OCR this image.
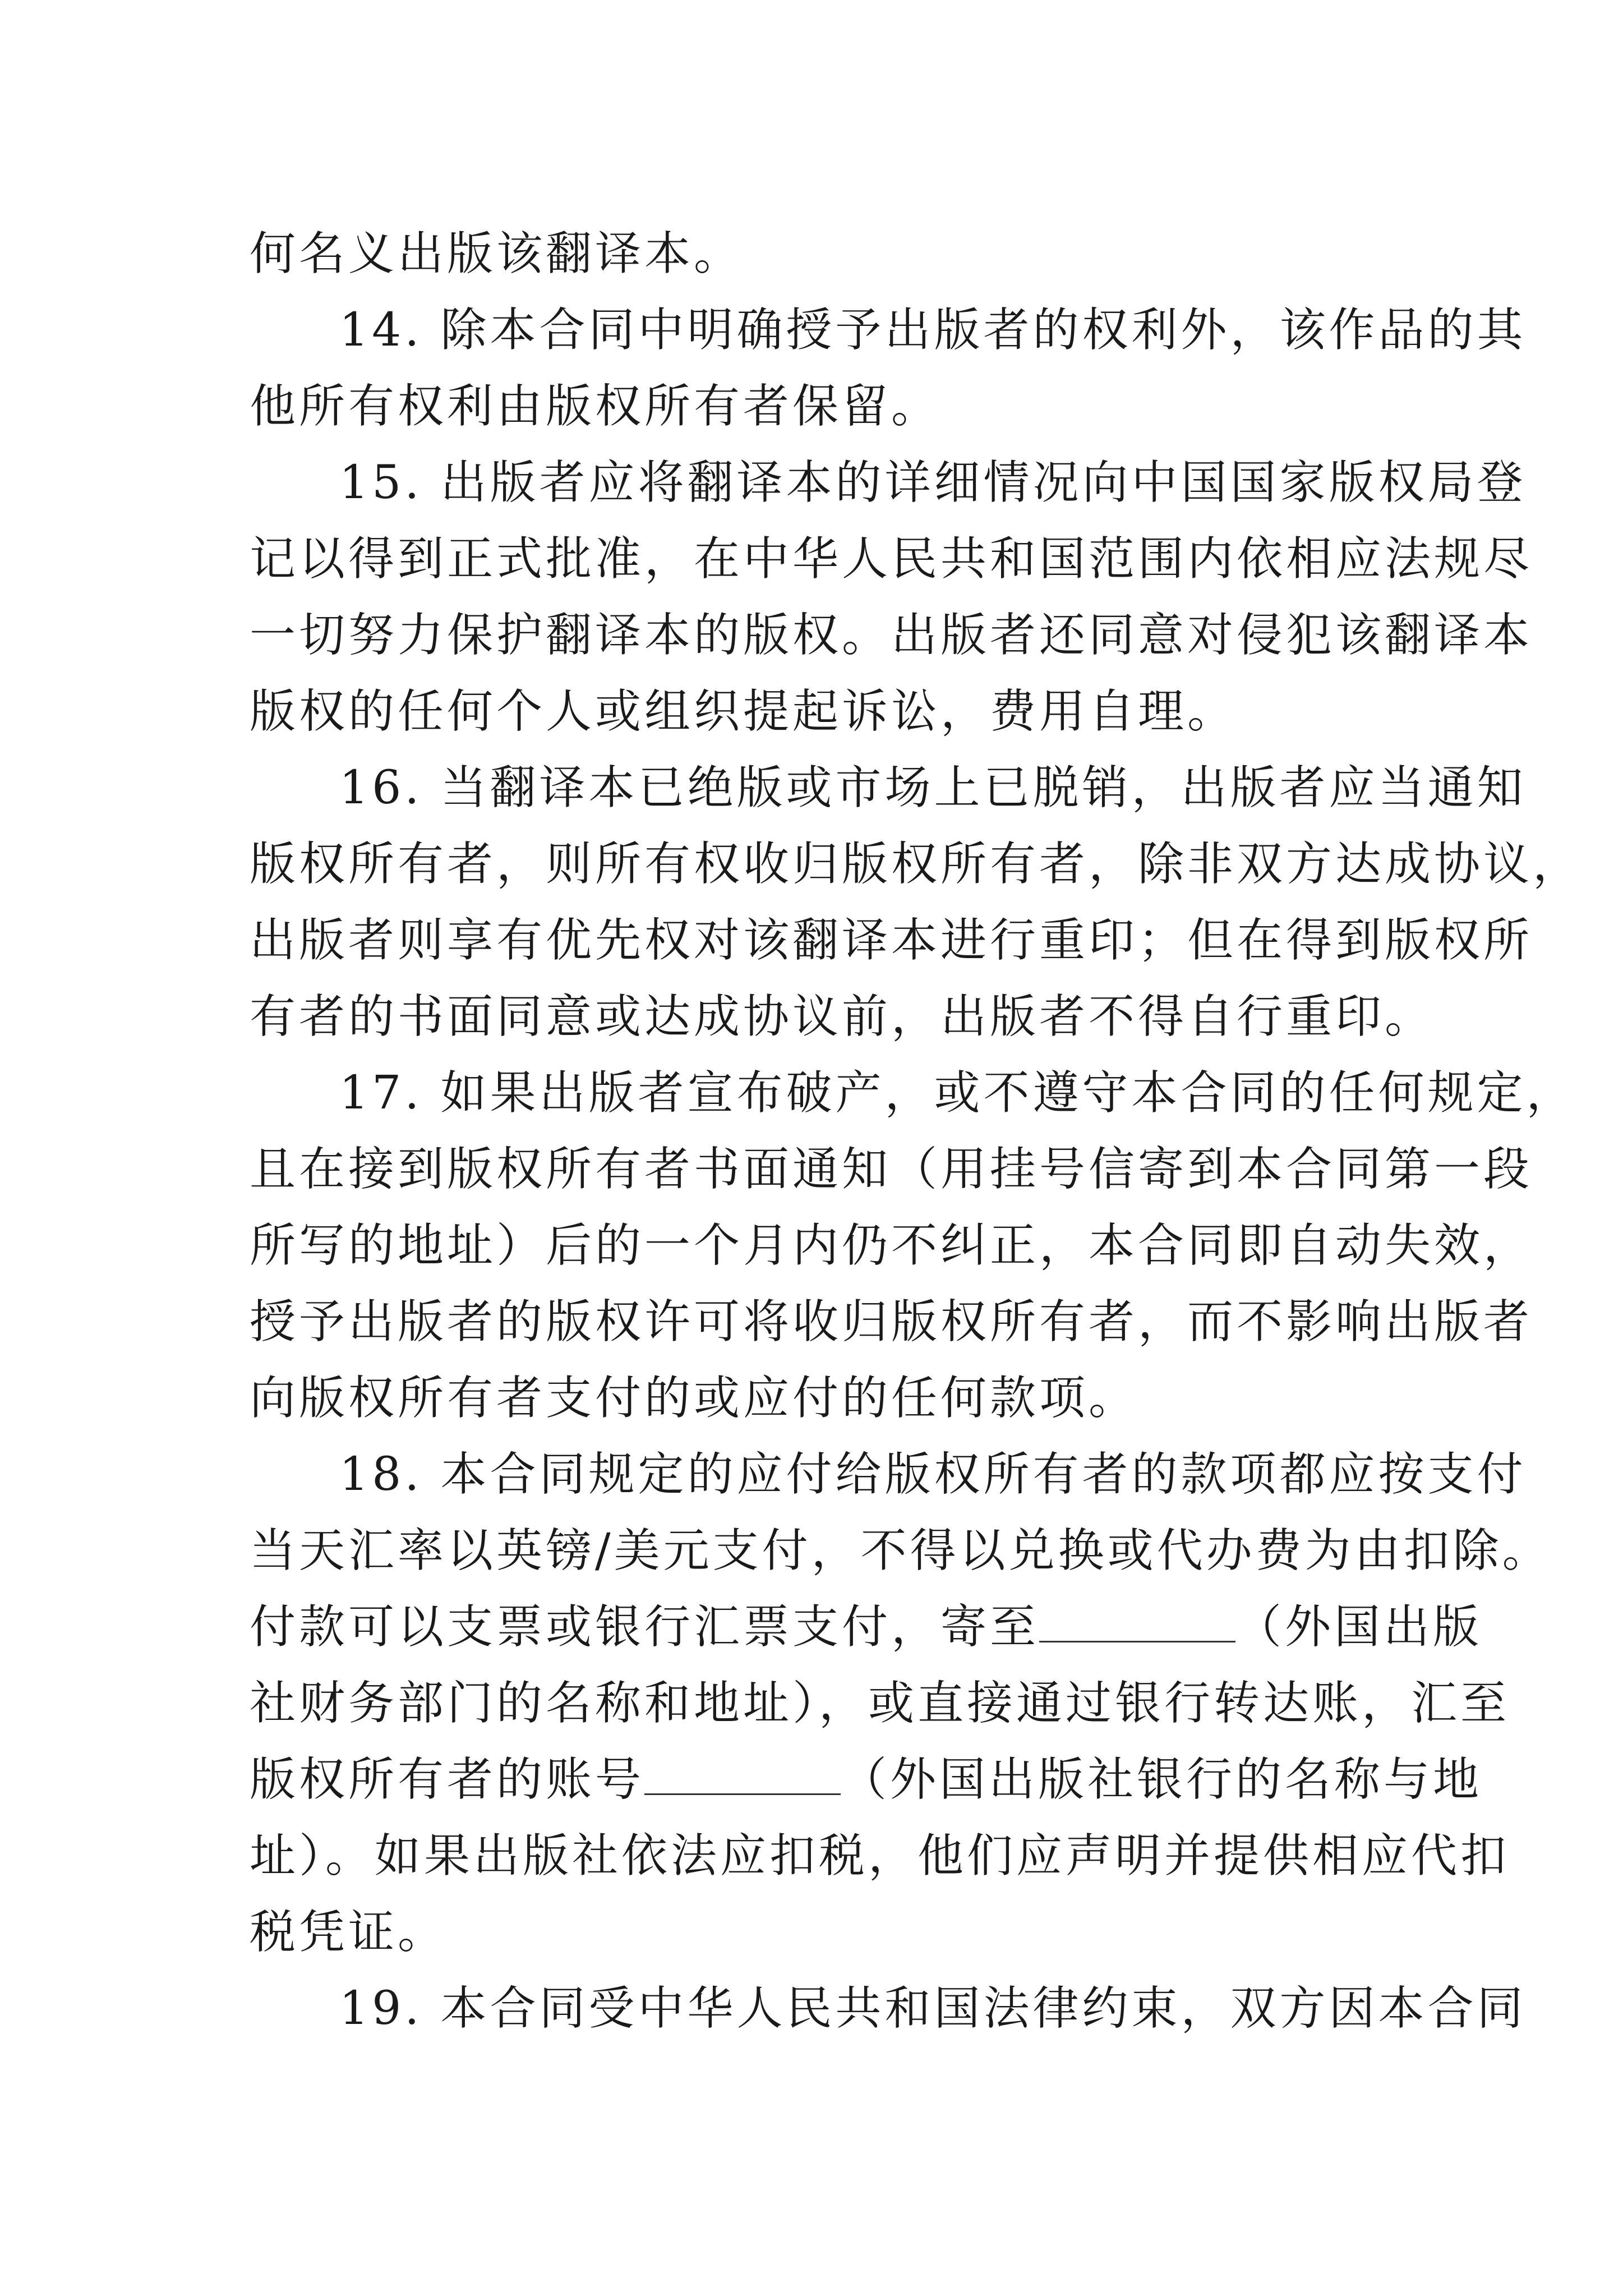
何名义出版该翻译本。
14. 除本合同中明确授予出版者的权利外，该作品的其
他所有权利由版权所有者保留。
15. 出版者应将翻译本的详细情况向中国国家版权局登
记以得到正式批准，在中华人民共和国范围内依相应法规尽
一切努力保护翻译本的版权。出版者还同意对侵犯该翻译本
版权的任何个人或组织提起诉讼，费用自理。
16. 当翻译本已绝版或市场上已脱销，出版者应当通知
版权所有者，则所有权收归版权所有者，除非双方达成协议，
出版者则享有优先权对该翻译本进行重印；但在得到版权所
有者的书面同意或达成协议前，出版者不得自行重印。
17. 如果出版者宣布破产，或不遵守本合同的任何规定，
且在接到版权所有者书面通知（用挂号信寄到本合同第一段
所写的地址）后的一个月内仍不纠正，本合同即自动失效，
授予出版者的版权许可将收归版权所有者，而不影响出版者
向版权所有者支付的或应付的任何款项。
18. 本合同规定的应付给版权所有者的款项都应按支付
当天汇率以英镑/美元支付，不得以兑换或代办费为由扣除。
付款可以支票或银行汇票支付，寄至	（外国出版
社财务部门的名称和地址），或直接通过银行转达账，汇至
版权所有者的账号	（外国出版社银行的名称与地
址）。如果出版社依法应扣税，他们应声明并提供相应代扣
税凭证。
19. 本合同受中华人民共和国法律约束，双方因本合同
